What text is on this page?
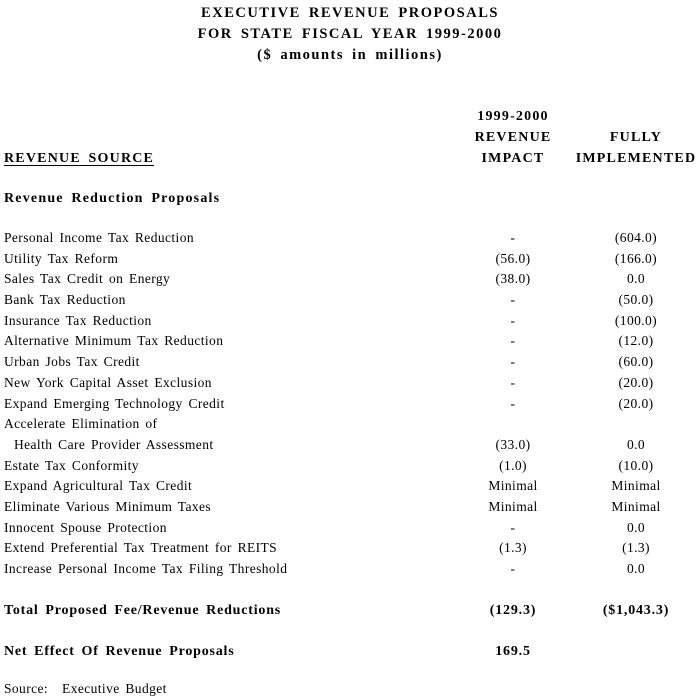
EXECUTIVE REVENUE PROPOSALS
FOR STATE FISCAL YEAR 1999-2000
($ amounts in millions)
1999-2000
REVENUE	FULLY
REVENUE SOURCE	IMPACT	IMPLEMENTED
Revenue Reduction Proposals
Personal Income Tax Reduction	-	(604.0)
Utility Tax Reform	(56.0)	(166.0)
Sales Tax Credit on Energy	(38.0)	0.0
Bank Tax Reduction	-	(50.0)
Insurance Tax Reduction	-	(100.0)
Alternative Minimum Tax Reduction	-	(12.0)
Urban Jobs Tax Credit	-	(60.0)
New York Capital Asset Exclusion	-	(20.0)
Expand Emerging Technology Credit	-	(20.0)
Accelerate Elimination of
Health Care Provider Assessment	(33.0)	0.0
Estate Tax Conformity	(1.0)	(10.0)
Expand Agricultural Tax Credit	Minimal	Minimal
Eliminate Various Minimum Taxes	Minimal	Minimal
Innocent Spouse Protection	-	0.0
Extend Preferential Tax Treatment for REITS	(1.3)	(1.3)
Increase Personal Income Tax Filing Threshold	-	0.0
Total Proposed Fee/Revenue Reductions	(129.3)	($1,043.3)
Net Effect Of Revenue Proposals	169.5
Source: Executive Budget
